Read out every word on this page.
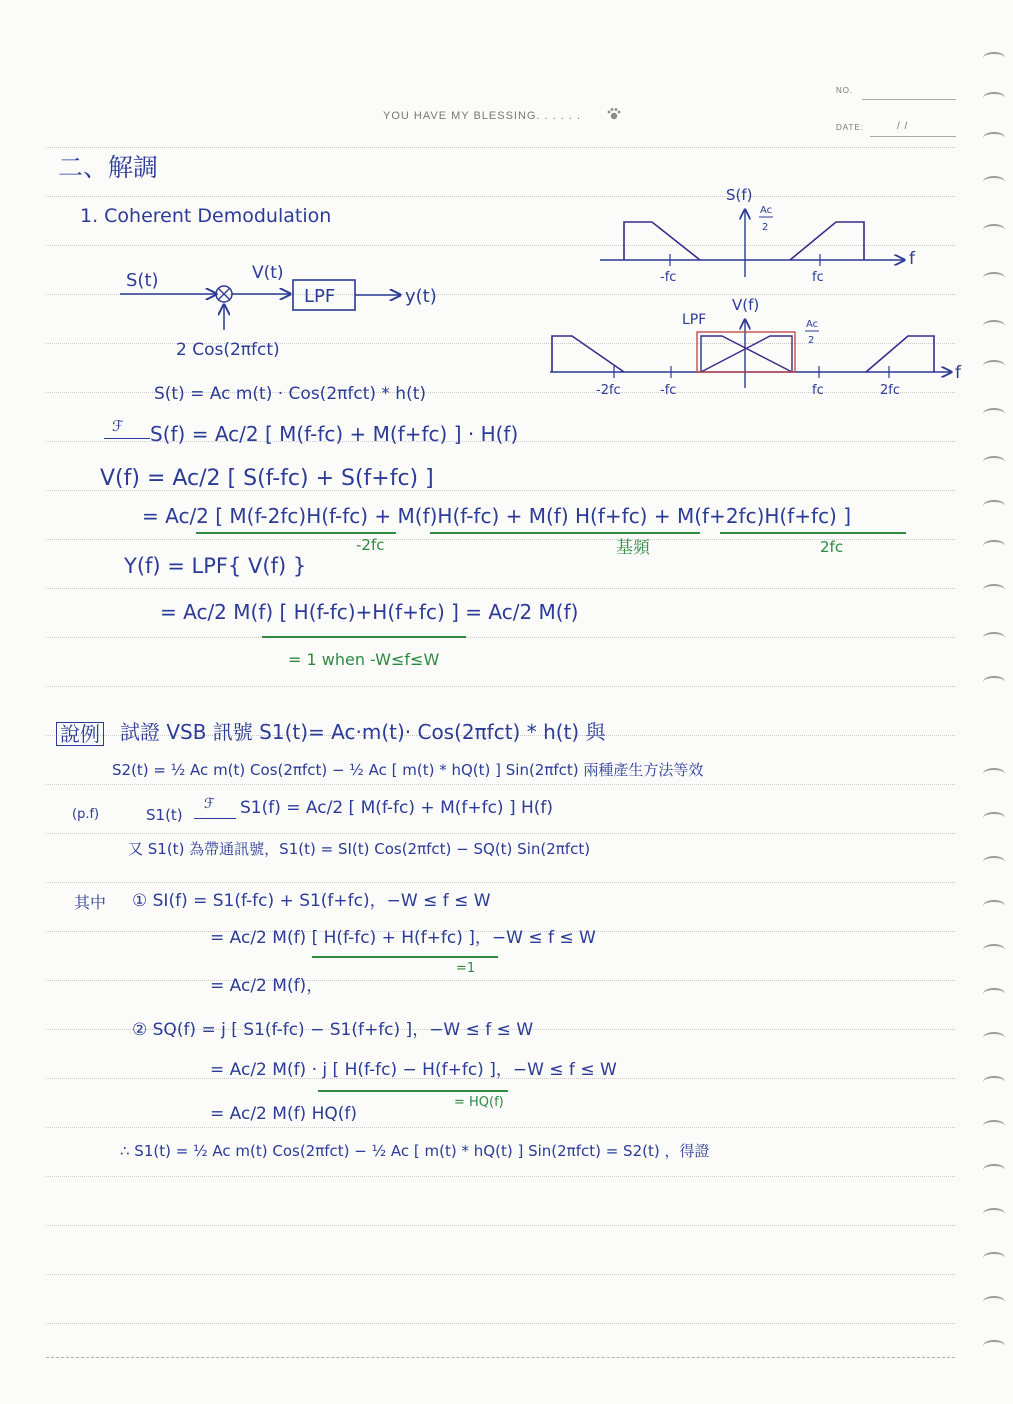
YOU HAVE MY BLESSING. . . . . .
NO.
DATE:	/ /
二、解調
1. Coherent Demodulation
S(t)	V(t)
LPF	y(t)
2 Cos(2πfct)
S(f)
Ac
2
f
-fc	fc
V(f)
LPF	Ac
2
f
-2fc	-fc	fc	2fc
S(t) = Ac m(t) · Cos(2πfct) * h(t)
ℱ S(f) = Ac/2 [ M(f-fc) + M(f+fc) ] · H(f)
V(f) = Ac/2 [ S(f-fc) + S(f+fc) ]
= Ac/2 [ M(f-2fc)H(f-fc) + M(f)H(f-fc) + M(f) H(f+fc) + M(f+2fc)H(f+fc) ]
-2fc	基頻	2fc
Y(f) = LPF{ V(f) }
= Ac/2 M(f) [ H(f-fc)+H(f+fc) ] = Ac/2 M(f)
= 1 when -W≤f≤W
說例 試證 VSB 訊號 S1(t)= Ac·m(t)· Cos(2πfct) * h(t) 與
S2(t) = ½ Ac m(t) Cos(2πfct) − ½ Ac [ m(t) * hQ(t) ] Sin(2πfct) 兩種產生方法等效
(p.f)	S1(t)
ℱ S1(f) = Ac/2 [ M(f-fc) + M(f+fc) ] H(f)
又 S1(t) 為帶通訊號，S1(t) = SI(t) Cos(2πfct) − SQ(t) Sin(2πfct)
其中 ① SI(f) = S1(f-fc) + S1(f+fc)，−W ≤ f ≤ W
= Ac/2 M(f) [ H(f-fc) + H(f+fc) ]，−W ≤ f ≤ W
=1
= Ac/2 M(f)，
② SQ(f) = j [ S1(f-fc) − S1(f+fc) ]，−W ≤ f ≤ W
= Ac/2 M(f) · j [ H(f-fc) − H(f+fc) ]，−W ≤ f ≤ W
= HQ(f)
= Ac/2 M(f) HQ(f)
∴ S1(t) = ½ Ac m(t) Cos(2πfct) − ½ Ac [ m(t) * hQ(t) ] Sin(2πfct) = S2(t) ，得證
